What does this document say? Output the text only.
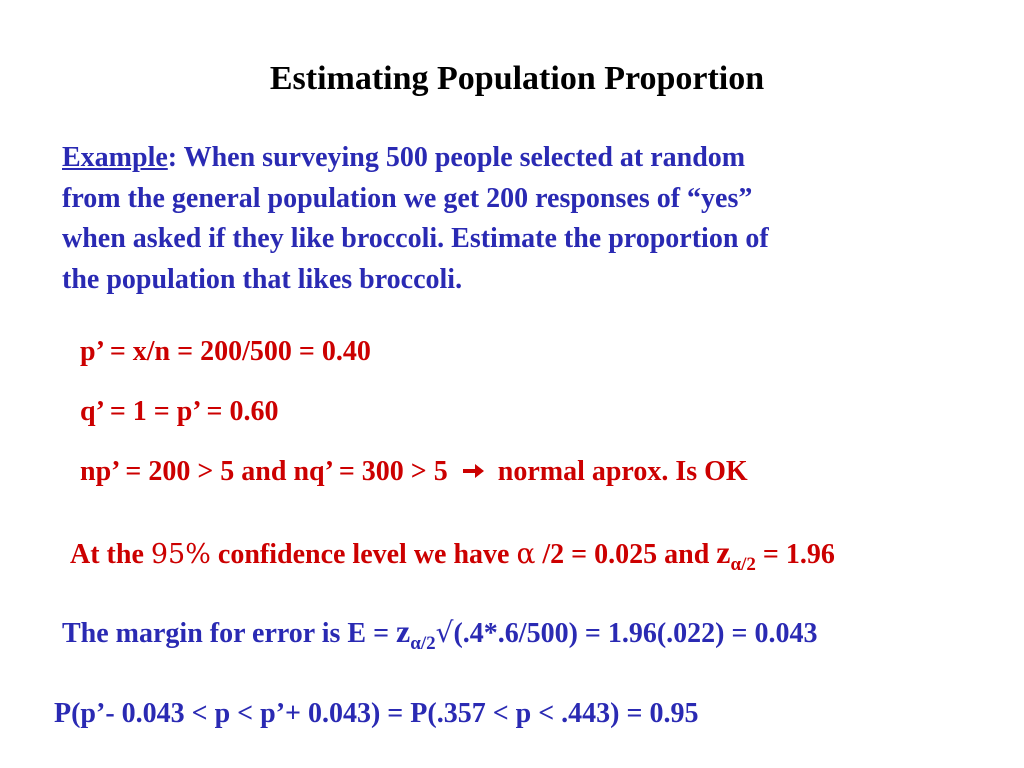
Estimating Population Proportion
Example: When surveying 500 people selected at random
from the general population we get 200 responses of “yes”
when asked if they like broccoli. Estimate the proportion of
the population that likes broccoli.
p’ = x/n = 200/500 = 0.40
q’ = 1 = p’ = 0.60
np’ = 200 > 5 and nq’ = 300 > 5 normal aprox. Is OK
At the 95% confidence level we have α /2 = 0.025 and $z_{\alpha/2} = 1.96$
The margin for error is $E = z_{\alpha/2}√(.4*.6/500) = 1.96(.022) = 0.043$
P(p’- 0.043 < p < p’+ 0.043) = P(.357 < p < .443) = 0.95
